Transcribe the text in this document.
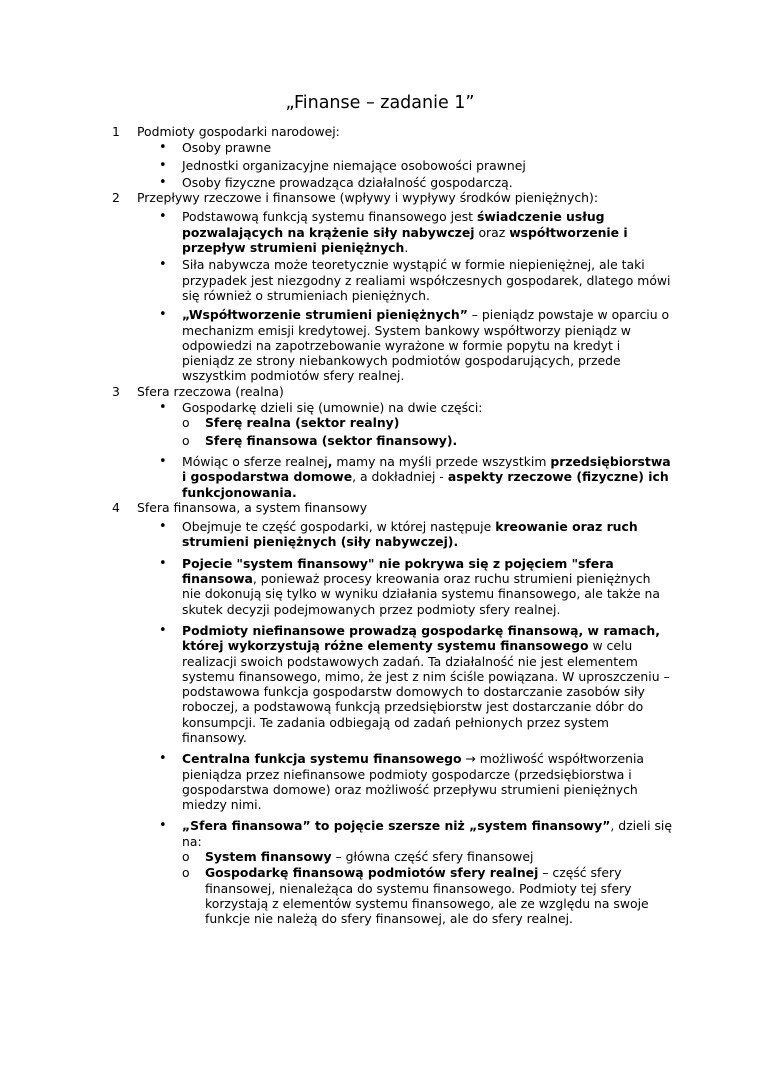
„Finanse – zadanie 1”
1	Podmioty gospodarki narodowej:
•	Osoby prawne
•	Jednostki organizacyjne niemające osobowości prawnej
•	Osoby fizyczne prowadząca działalność gospodarczą.
2	Przepływy rzeczowe i finansowe (wpływy i wypływy środków pieniężnych):
•	Podstawową funkcją systemu finansowego jest świadczenie usług pozwalających na krążenie siły nabywczej oraz współtworzenie i przepływ strumieni pieniężnych.
•	Siła nabywcza może teoretycznie wystąpić w formie niepieniężnej, ale taki przypadek jest niezgodny z realiami współczesnych gospodarek, dlatego mówi się również o strumieniach pieniężnych.
•	„Współtworzenie strumieni pieniężnych” – pieniądz powstaje w oparciu o mechanizm emisji kredytowej. System bankowy współtworzy pieniądz w odpowiedzi na zapotrzebowanie wyrażone w formie popytu na kredyt i pieniądz ze strony niebankowych podmiotów gospodarujących, przede wszystkim podmiotów sfery realnej.
3	Sfera rzeczowa (realna)
•	Gospodarkę dzieli się (umownie) na dwie części:
o	Sferę realna (sektor realny)
o	Sferę finansowa (sektor finansowy).
•	Mówiąc o sferze realnej, mamy na myśli przede wszystkim przedsiębiorstwa i gospodarstwa domowe, a dokładniej - aspekty rzeczowe (fizyczne) ich funkcjonowania.
4	Sfera finansowa, a system finansowy
•	Obejmuje te część gospodarki, w której następuje kreowanie oraz ruch strumieni pieniężnych (siły nabywczej).
•	Pojecie "system finansowy" nie pokrywa się z pojęciem "sfera finansowa, ponieważ procesy kreowania oraz ruchu strumieni pieniężnych nie dokonują się tylko w wyniku działania systemu finansowego, ale także na skutek decyzji podejmowanych przez podmioty sfery realnej.
•	Podmioty niefinansowe prowadzą gospodarkę finansową, w ramach, której wykorzystują różne elementy systemu finansowego w celu realizacji swoich podstawowych zadań. Ta działalność nie jest elementem systemu finansowego, mimo, że jest z nim ściśle powiązana. W uproszczeniu – podstawowa funkcja gospodarstw domowych to dostarczanie zasobów siły roboczej, a podstawową funkcją przedsiębiorstw jest dostarczanie dóbr do konsumpcji. Te zadania odbiegają od zadań pełnionych przez system finansowy.
•	Centralna funkcja systemu finansowego → możliwość współtworzenia pieniądza przez niefinansowe podmioty gospodarcze (przedsiębiorstwa i gospodarstwa domowe) oraz możliwość przepływu strumieni pieniężnych miedzy nimi.
•	„Sfera finansowa” to pojęcie szersze niż „system finansowy”, dzieli się na:
o	System finansowy – główna część sfery finansowej
o	Gospodarkę finansową podmiotów sfery realnej – część sfery finansowej, nienależąca do systemu finansowego. Podmioty tej sfery korzystają z elementów systemu finansowego, ale ze względu na swoje funkcje nie należą do sfery finansowej, ale do sfery realnej.
